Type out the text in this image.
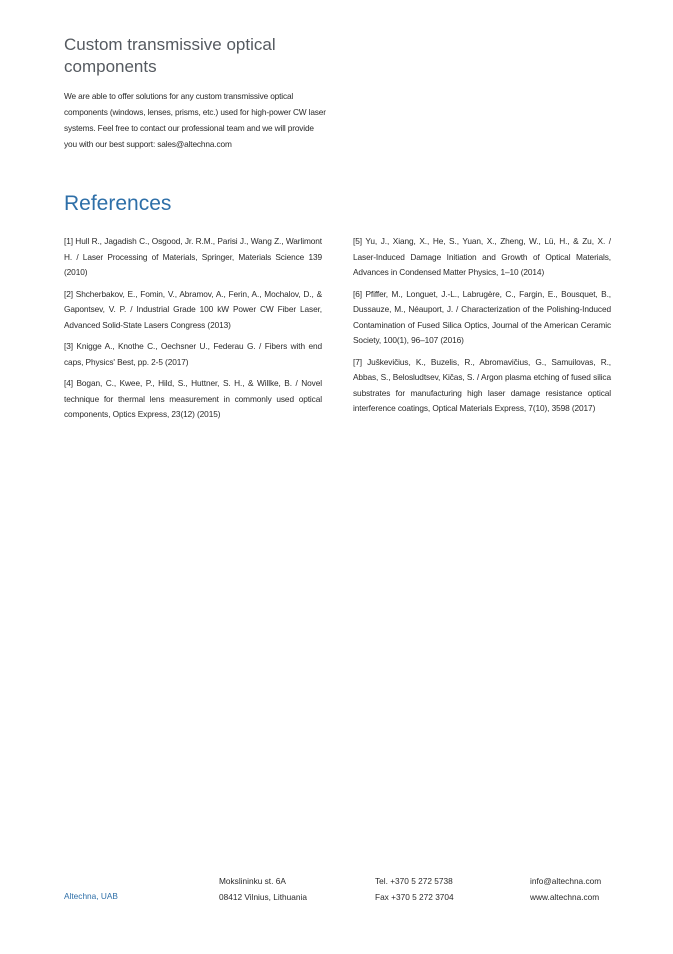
Custom transmissive optical components

We are able to offer solutions for any custom transmissive optical components (windows, lenses, prisms, etc.) used for high-power CW laser systems. Feel free to contact our professional team and we will provide you with our best support: sales@altechna.com

References

[1] Hull R., Jagadish C., Osgood, Jr. R.M., Parisi J., Wang Z., Warlimont H. / Laser Processing of Materials, Springer, Materials Science 139 (2010)

[2] Shcherbakov, E., Fomin, V., Abramov, A., Ferin, A., Mochalov, D., & Gapontsev, V. P. / Industrial Grade 100 kW Power CW Fiber Laser, Advanced Solid-State Lasers Congress (2013)

[3] Knigge A., Knothe C., Oechsner U., Federau G. / Fibers with end caps, Physics' Best, pp. 2-5 (2017)

[4] Bogan, C., Kwee, P., Hild, S., Huttner, S. H., & Willke, B. / Novel technique for thermal lens measurement in commonly used optical components, Optics Express, 23(12) (2015)

[5] Yu, J., Xiang, X., He, S., Yuan, X., Zheng, W., Lü, H., & Zu, X. / Laser-Induced Damage Initiation and Growth of Optical Materials, Advances in Condensed Matter Physics, 1–10 (2014)

[6] Pfiffer, M., Longuet, J.-L., Labrugère, C., Fargin, E., Bousquet, B., Dussauze, M., Néauport, J. / Characterization of the Polishing-Induced Contamination of Fused Silica Optics, Journal of the American Ceramic Society, 100(1), 96–107 (2016)

[7] Juškevičius, K., Buzelis, R., Abromavičius, G., Samuilovas, R., Abbas, S., Belosludtsev, Kičas, S. / Argon plasma etching of fused silica substrates for manufacturing high laser damage resistance optical interference coatings, Optical Materials Express, 7(10), 3598 (2017)

Altechna, UAB
Mokslininku st. 6A
08412 Vilnius, Lithuania
Tel. +370 5 272 5738
Fax +370 5 272 3704
info@altechna.com
www.altechna.com
